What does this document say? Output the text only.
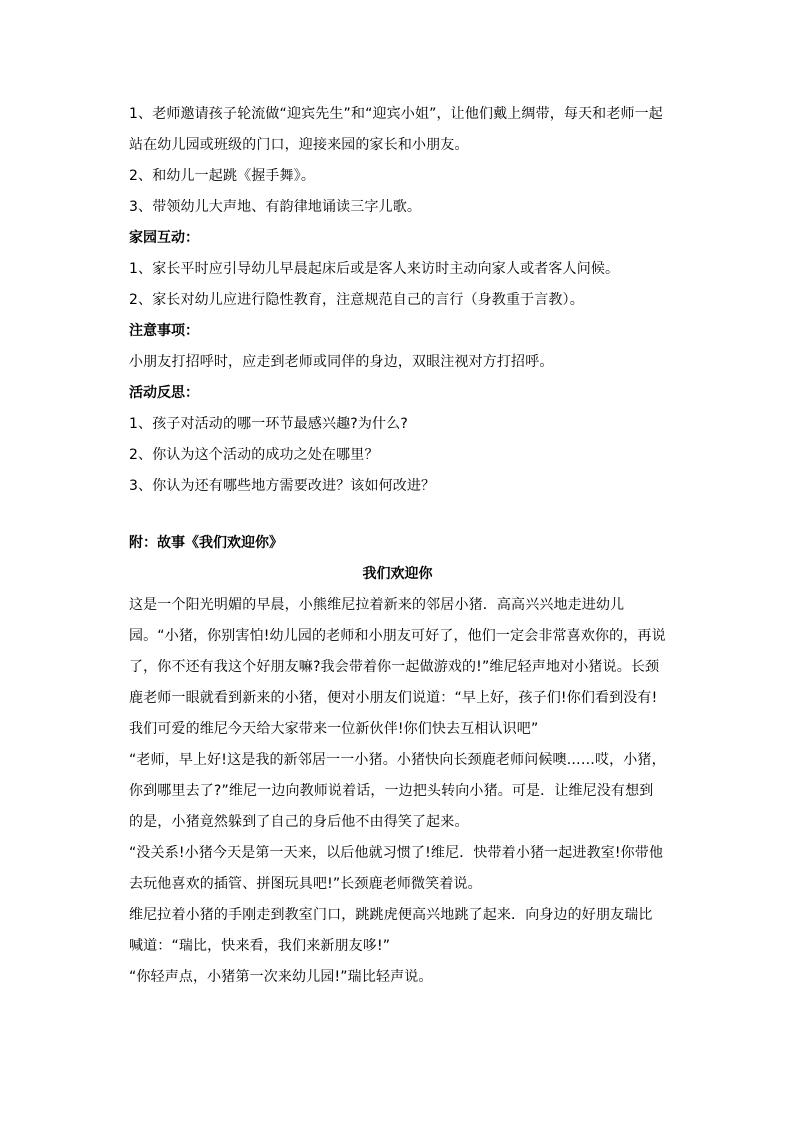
1、老师邀请孩子轮流做“迎宾先生”和“迎宾小姐”，让他们戴上绸带，每天和老师一起站在幼儿园或班级的门口，迎接来园的家长和小朋友。

2、和幼儿一起跳《握手舞》。

3、带领幼儿大声地、有韵律地诵读三字儿歌。

家园互动：

1、家长平时应引导幼儿早晨起床后或是客人来访时主动向家人或者客人问候。

2、家长对幼儿应进行隐性教育，注意规范自己的言行（身教重于言教）。

注意事项：

小朋友打招呼时，应走到老师或同伴的身边，双眼注视对方打招呼。

活动反思：

1、孩子对活动的哪一环节最感兴趣?为什么?

2、你认为这个活动的成功之处在哪里？

3、你认为还有哪些地方需要改进？该如何改进？

附：故事《我们欢迎你》

我们欢迎你

这是一个阳光明媚的早晨，小熊维尼拉着新来的邻居小猪．高高兴兴地走进幼儿园。“小猪，你别害怕!幼儿园的老师和小朋友可好了，他们一定会非常喜欢你的，再说了，你不还有我这个好朋友嘛?我会带着你一起做游戏的!”维尼轻声地对小猪说。长颈鹿老师一眼就看到新来的小猪，便对小朋友们说道：“早上好，孩子们!你们看到没有!我们可爱的维尼今天给大家带来一位新伙伴!你们快去互相认识吧”

“老师，早上好!这是我的新邻居一一小猪。小猪快向长颈鹿老师问候噢……哎，小猪，你到哪里去了?”维尼一边向教师说着话，一边把头转向小猪。可是．让维尼没有想到的是，小猪竟然躲到了自己的身后他不由得笑了起来。

“没关系!小猪今天是第一天来，以后他就习惯了!维尼．快带着小猪一起进教室!你带他去玩他喜欢的插管、拼图玩具吧!”长颈鹿老师微笑着说。

维尼拉着小猪的手刚走到教室门口，跳跳虎便高兴地跳了起来．向身边的好朋友瑞比喊道：“瑞比，快来看，我们来新朋友哆!”

“你轻声点，小猪第一次来幼儿园!”瑞比轻声说。
